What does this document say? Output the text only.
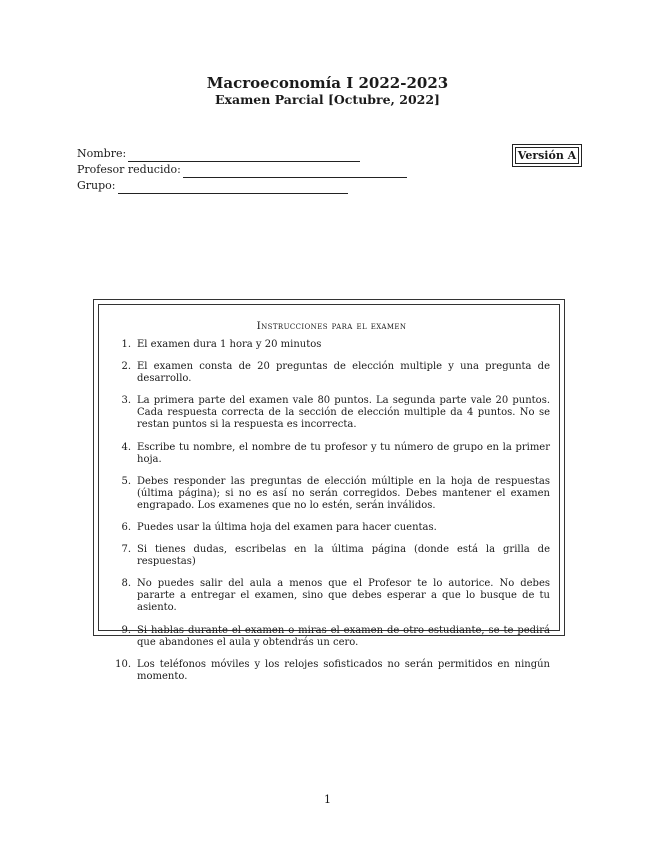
Macroeconomía I 2022-2023

Examen Parcial [Octubre, 2022]

Nombre:
Profesor reducido:
Grupo:
Versión A

Instrucciones para el examen

1. El examen dura 1 hora y 20 minutos
2. El examen consta de 20 preguntas de elección multiple y una pregunta de desarrollo.
3. La primera parte del examen vale 80 puntos. La segunda parte vale 20 puntos. Cada respuesta correcta de la sección de elección multiple da 4 puntos. No se restan puntos si la respuesta es incorrecta.
4. Escribe tu nombre, el nombre de tu profesor y tu número de grupo en la primer hoja.
5. Debes responder las preguntas de elección múltiple en la hoja de respuestas (última página); si no es así no serán corregidos. Debes mantener el examen engrapado. Los examenes que no lo estén, serán inválidos.
6. Puedes usar la última hoja del examen para hacer cuentas.
7. Si tienes dudas, escribelas en la última página (donde está la grilla de respuestas)
8. No puedes salir del aula a menos que el Profesor te lo autorice. No debes pararte a entregar el examen, sino que debes esperar a que lo busque de tu asiento.
9. Si hablas durante el examen o miras el examen de otro estudiante, se te pedirá que abandones el aula y obtendrás un cero.
10. Los teléfonos móviles y los relojes sofisticados no serán permitidos en ningún momento.
1
